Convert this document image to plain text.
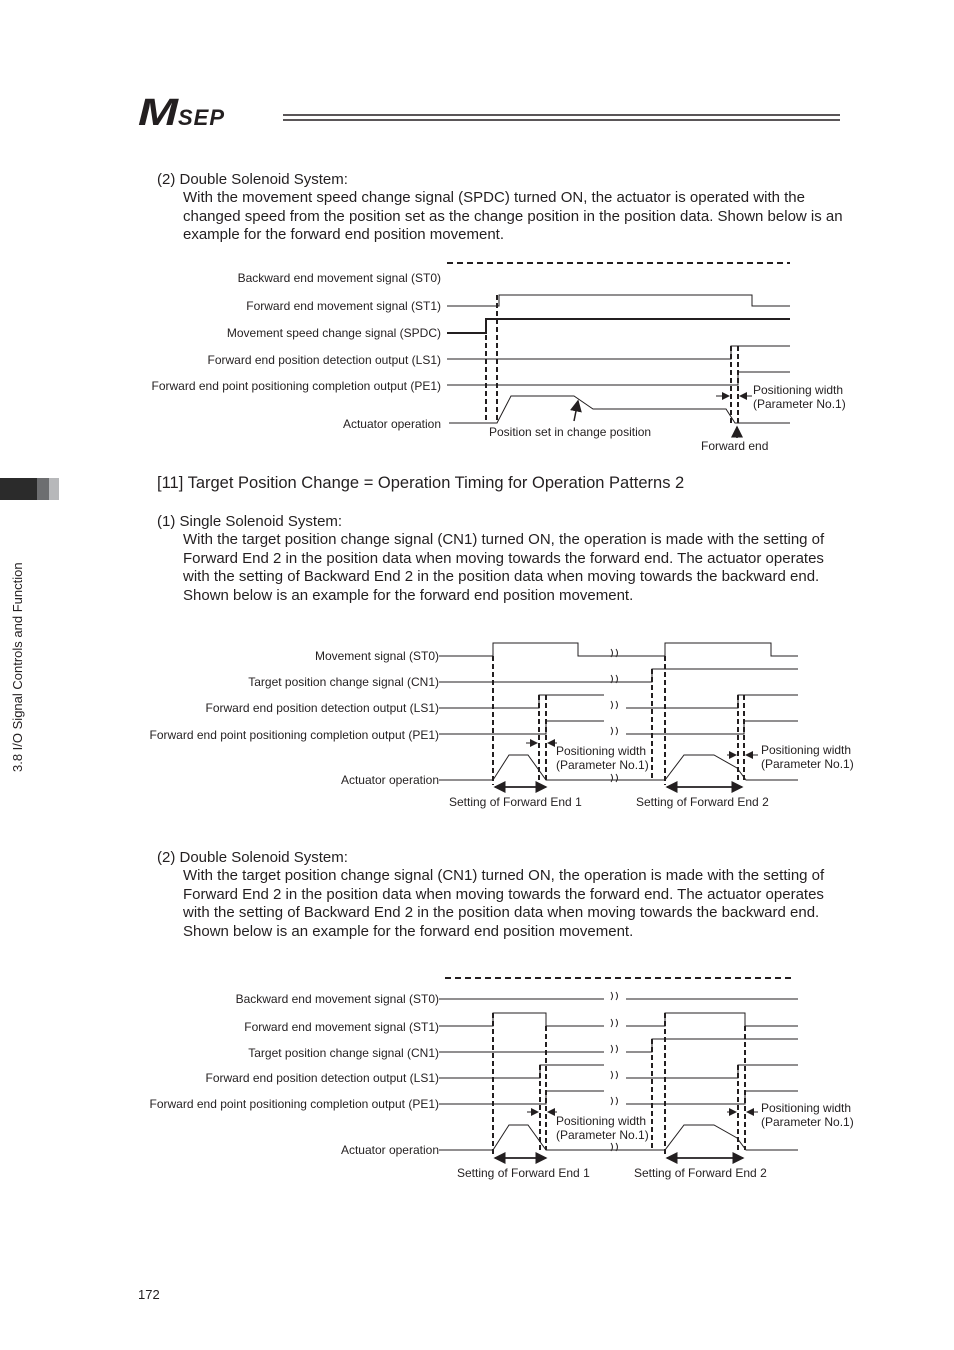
M
SEP
3.8 I/O Signal Controls and Function
(2) Double Solenoid System:
With the movement speed change signal (SPDC) turned ON, the actuator is operated with the changed speed from the position set as the change position in the position data. Shown below is an example for the forward end position movement.
Backward end movement signal (ST0)
Forward end movement signal (ST1)
Movement speed change signal (SPDC)
Forward end position detection output (LS1)
Forward end point positioning completion output (PE1)
Actuator operation
Position set in change position
Forward end
Positioning width
(Parameter No.1)
[11] Target Position Change = Operation Timing for Operation Patterns 2
(1) Single Solenoid System:
With the target position change signal (CN1) turned ON, the operation is made with the setting of Forward End 2 in the position data when moving towards the forward end. The actuator operates with the setting of Backward End 2 in the position data when moving towards the backward end. Shown below is an example for the forward end position movement.
Movement signal (ST0)
Target position change signal (CN1)
Forward end position detection output (LS1)
Forward end point positioning completion output (PE1)
Actuator operation
Positioning width
(Parameter No.1)
Positioning width
(Parameter No.1)
Setting of Forward End 1	Setting of Forward End 2
(2) Double Solenoid System:
With the target position change signal (CN1) turned ON, the operation is made with the setting of Forward End 2 in the position data when moving towards the forward end. The actuator operates with the setting of Backward End 2 in the position data when moving towards the backward end. Shown below is an example for the forward end position movement.
Backward end movement signal (ST0)
Forward end movement signal (ST1)
Target position change signal (CN1)
Forward end position detection output (LS1)
Forward end point positioning completion output (PE1)
Actuator operation
Positioning width
(Parameter No.1)
Positioning width
(Parameter No.1)
Setting of Forward End 1	Setting of Forward End 2
172
